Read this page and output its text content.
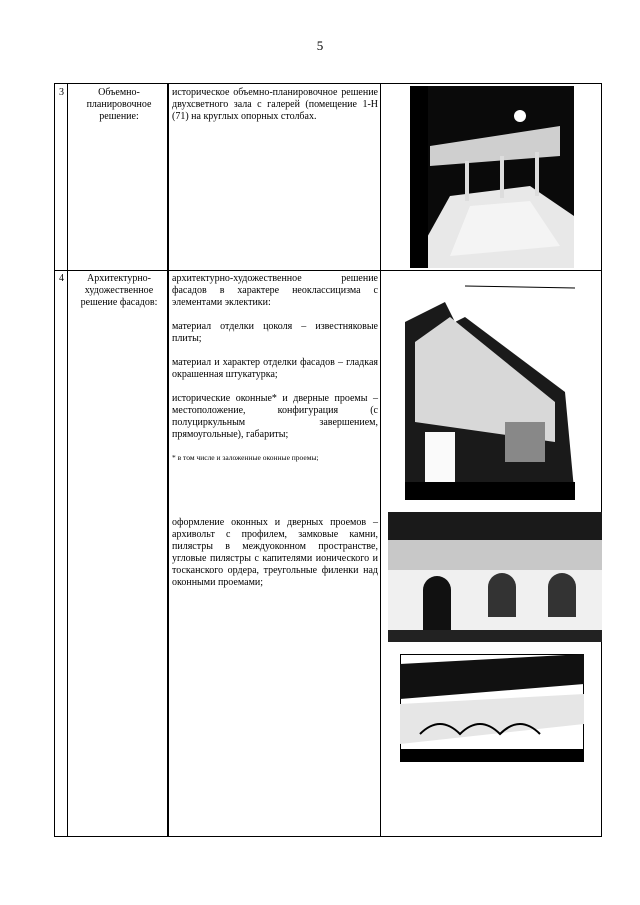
5
3	Объемно-планировочное решение:

историческое объемно-планировочное решение двухсветного зала с галерей (помещение 1-Н (71) на круглых опорных столбах.

4	Архитектурно-художественное решение фасадов:

архитектурно-художественное решение фасадов в характере неоклассицизма с элементами эклектики:

материал отделки цоколя – известняковые плиты;

материал и характер отделки фасадов – гладкая окрашенная штукатурка;

исторические оконные* и дверные проемы – местоположение, конфигурация (с полуциркульным завершением, прямоугольные), габариты;

* в том числе и заложенные оконные проемы;

оформление оконных и дверных проемов – архивольт с профилем, замковые камни, пилястры в междуоконном пространстве, угловые пилястры с капителями ионического и тосканского ордера, треугольные филенки над оконными проемами;
